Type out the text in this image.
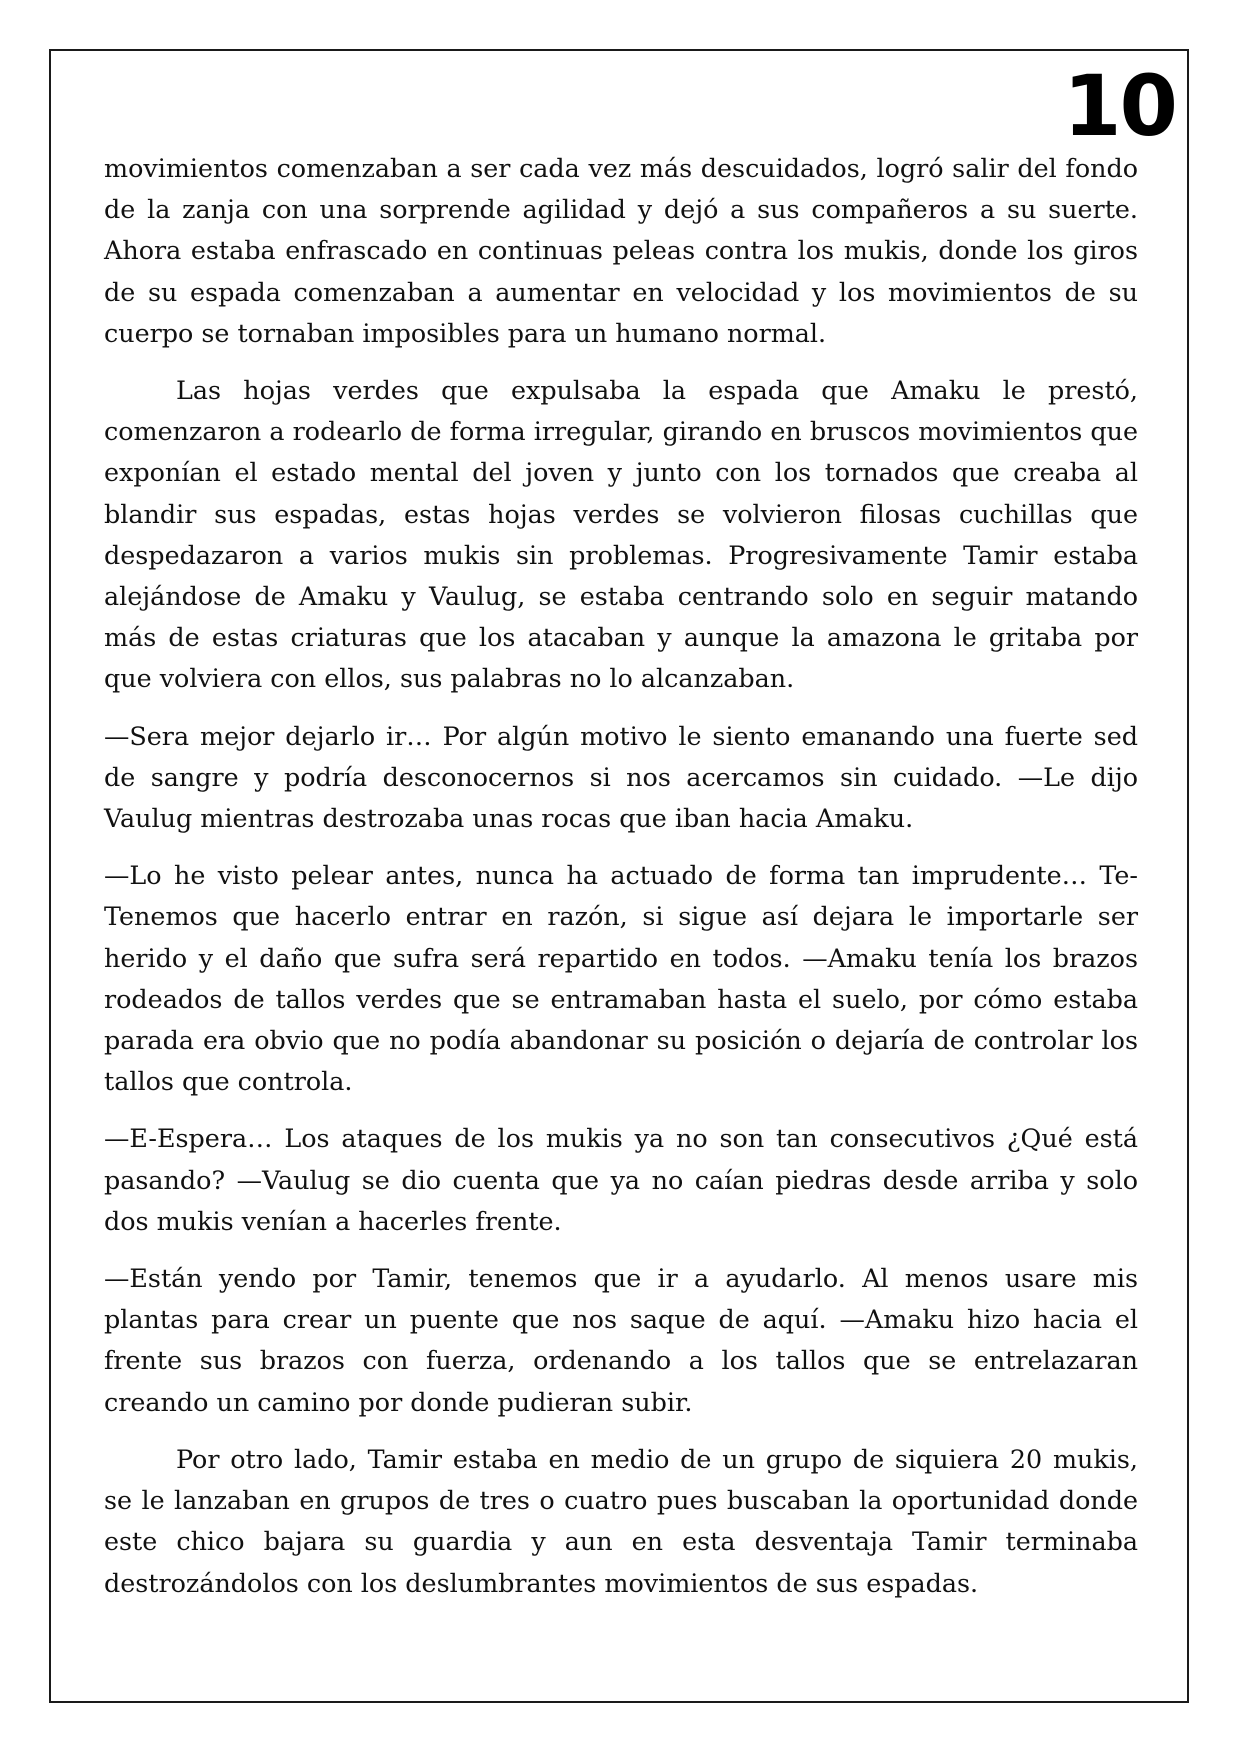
10

movimientos comenzaban a ser cada vez más descuidados, logró salir del fondo de la zanja con una sorprende agilidad y dejó a sus compañeros a su suerte. Ahora estaba enfrascado en continuas peleas contra los mukis, donde los giros de su espada comenzaban a aumentar en velocidad y los movimientos de su cuerpo se tornaban imposibles para un humano normal.

Las hojas verdes que expulsaba la espada que Amaku le prestó, comenzaron a rodearlo de forma irregular, girando en bruscos movimientos que exponían el estado mental del joven y junto con los tornados que creaba al blandir sus espadas, estas hojas verdes se volvieron filosas cuchillas que despedazaron a varios mukis sin problemas. Progresivamente Tamir estaba alejándose de Amaku y Vaulug, se estaba centrando solo en seguir matando más de estas criaturas que los atacaban y aunque la amazona le gritaba por que volviera con ellos, sus palabras no lo alcanzaban.

—Sera mejor dejarlo ir… Por algún motivo le siento emanando una fuerte sed de sangre y podría desconocernos si nos acercamos sin cuidado. —Le dijo Vaulug mientras destrozaba unas rocas que iban hacia Amaku.

—Lo he visto pelear antes, nunca ha actuado de forma tan imprudente… Te-Tenemos que hacerlo entrar en razón, si sigue así dejara le importarle ser herido y el daño que sufra será repartido en todos. —Amaku tenía los brazos rodeados de tallos verdes que se entramaban hasta el suelo, por cómo estaba parada era obvio que no podía abandonar su posición o dejaría de controlar los tallos que controla.

—E-Espera… Los ataques de los mukis ya no son tan consecutivos ¿Qué está pasando? —Vaulug se dio cuenta que ya no caían piedras desde arriba y solo dos mukis venían a hacerles frente.

—Están yendo por Tamir, tenemos que ir a ayudarlo. Al menos usare mis plantas para crear un puente que nos saque de aquí. —Amaku hizo hacia el frente sus brazos con fuerza, ordenando a los tallos que se entrelazaran creando un camino por donde pudieran subir.

Por otro lado, Tamir estaba en medio de un grupo de siquiera 20 mukis, se le lanzaban en grupos de tres o cuatro pues buscaban la oportunidad donde este chico bajara su guardia y aun en esta desventaja Tamir terminaba destrozándolos con los deslumbrantes movimientos de sus espadas.
